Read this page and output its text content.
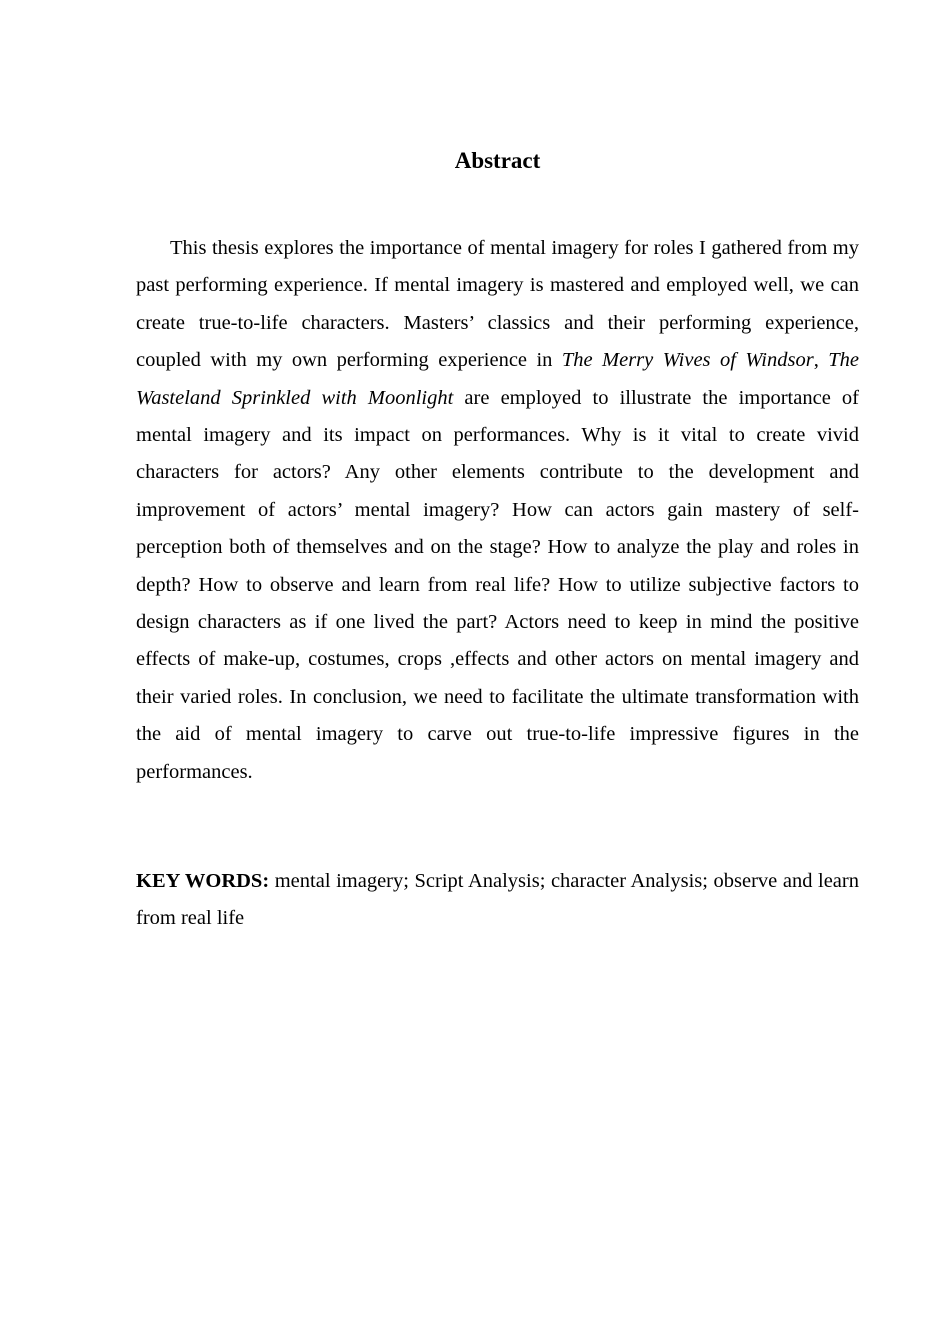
Abstract

This thesis explores the importance of mental imagery for roles I gathered from my past performing experience. If mental imagery is mastered and employed well, we can create true-to-life characters. Masters’ classics and their performing experience, coupled with my own performing experience in The Merry Wives of Windsor, The Wasteland Sprinkled with Moonlight are employed to illustrate the importance of mental imagery and its impact on performances. Why is it vital to create vivid characters for actors? Any other elements contribute to the development and improvement of actors’ mental imagery? How can actors gain mastery of self-perception both of themselves and on the stage? How to analyze the play and roles in depth? How to observe and learn from real life? How to utilize subjective factors to design characters as if one lived the part? Actors need to keep in mind the positive effects of make-up, costumes, crops ,effects and other actors on mental imagery and their varied roles. In conclusion, we need to facilitate the ultimate transformation with the aid of mental imagery to carve out true-to-life impressive figures in the performances.

KEY WORDS: mental imagery; Script Analysis; character Analysis; observe and learn from real life
